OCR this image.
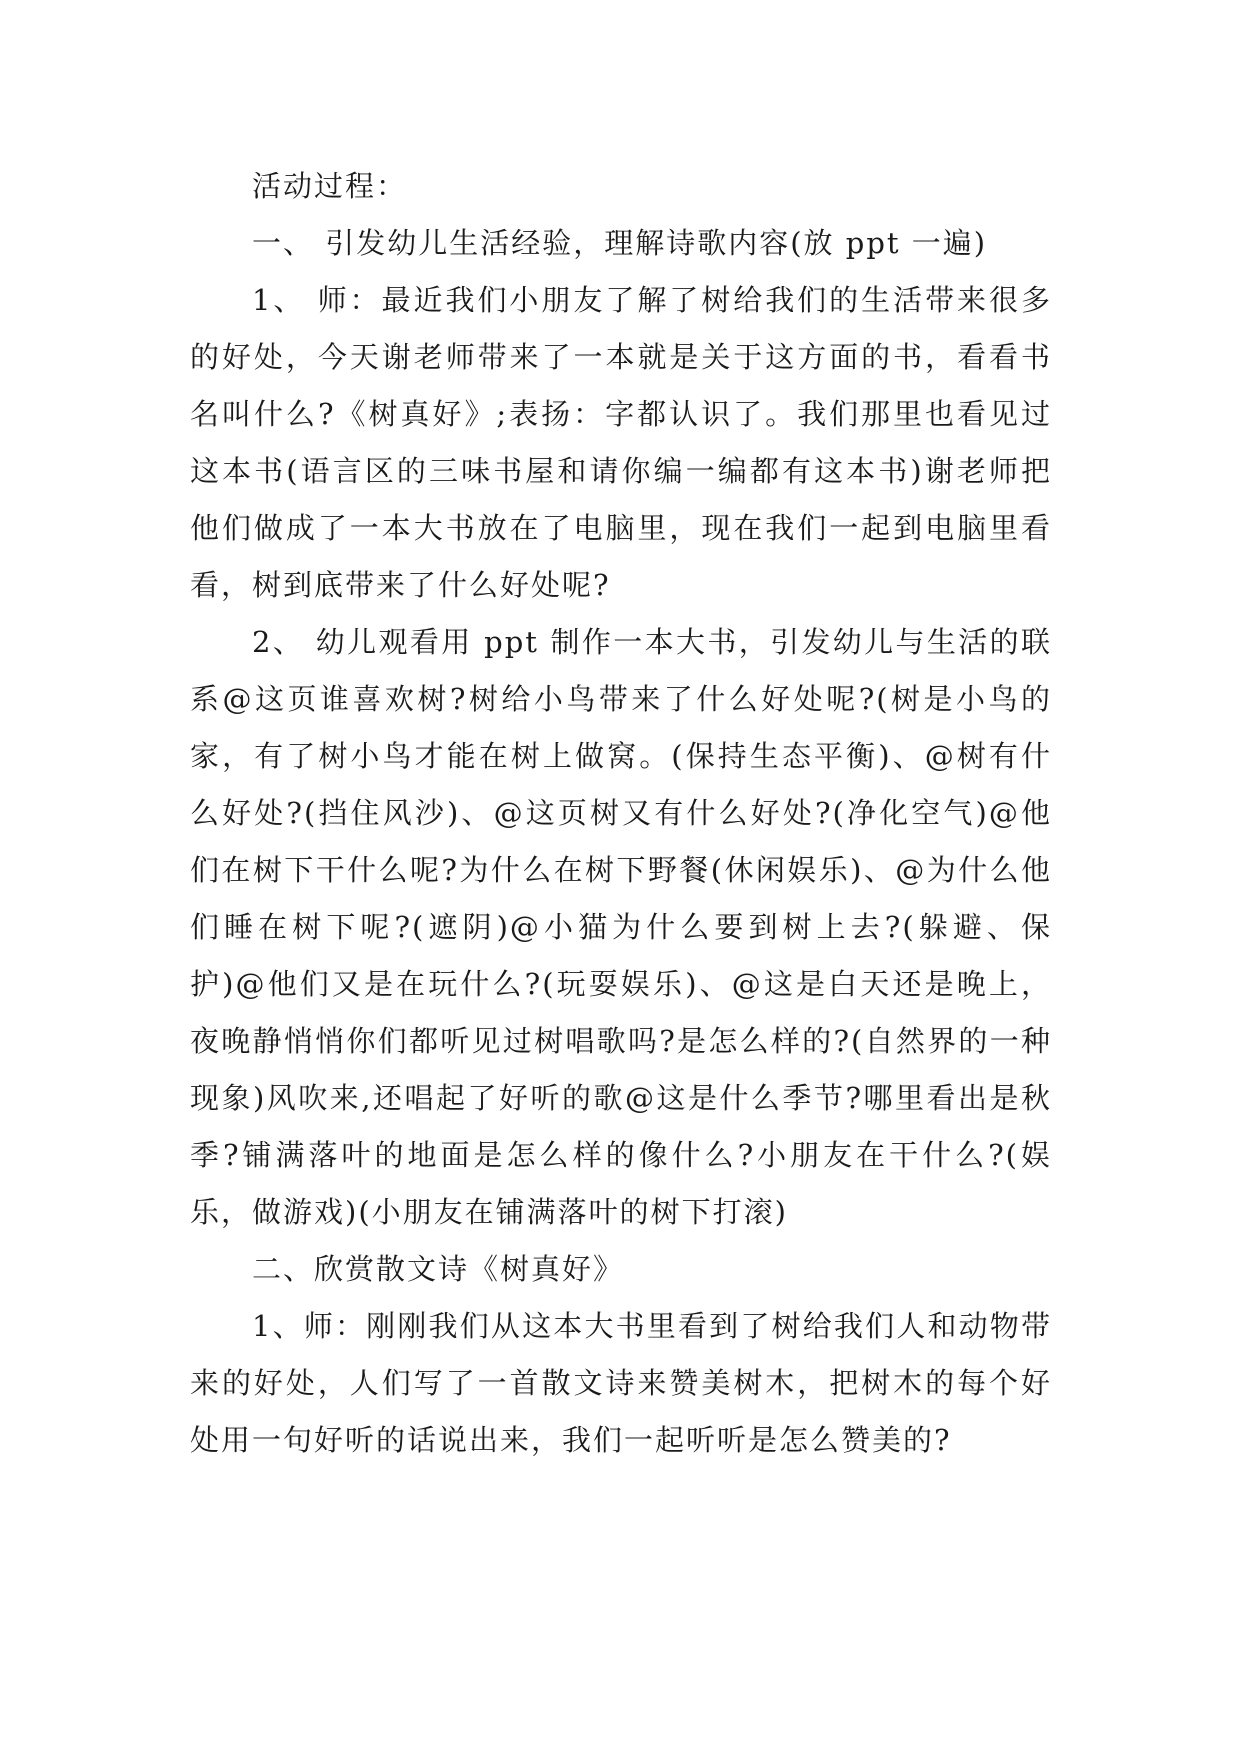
活动过程：

一、 引发幼儿生活经验，理解诗歌内容(放 ppt 一遍)

1、 师：最近我们小朋友了解了树给我们的生活带来很多的好处，今天谢老师带来了一本就是关于这方面的书，看看书名叫什么?《树真好》;表扬：字都认识了。我们那里也看见过这本书(语言区的三味书屋和请你编一编都有这本书)谢老师把他们做成了一本大书放在了电脑里，现在我们一起到电脑里看看，树到底带来了什么好处呢?

2、 幼儿观看用 ppt 制作一本大书，引发幼儿与生活的联系@这页谁喜欢树?树给小鸟带来了什么好处呢?(树是小鸟的家，有了树小鸟才能在树上做窝。(保持生态平衡)、@树有什么好处?(挡住风沙)、@这页树又有什么好处?(净化空气)@他们在树下干什么呢?为什么在树下野餐(休闲娱乐)、@为什么他们睡在树下呢?(遮阴)@小猫为什么要到树上去?(躲避、保护)@他们又是在玩什么?(玩耍娱乐)、@这是白天还是晚上，夜晚静悄悄你们都听见过树唱歌吗?是怎么样的?(自然界的一种现象)风吹来,还唱起了好听的歌@这是什么季节?哪里看出是秋季?铺满落叶的地面是怎么样的像什么?小朋友在干什么?(娱乐，做游戏)(小朋友在铺满落叶的树下打滚)

二、欣赏散文诗《树真好》

1、师：刚刚我们从这本大书里看到了树给我们人和动物带来的好处，人们写了一首散文诗来赞美树木，把树木的每个好处用一句好听的话说出来，我们一起听听是怎么赞美的?
